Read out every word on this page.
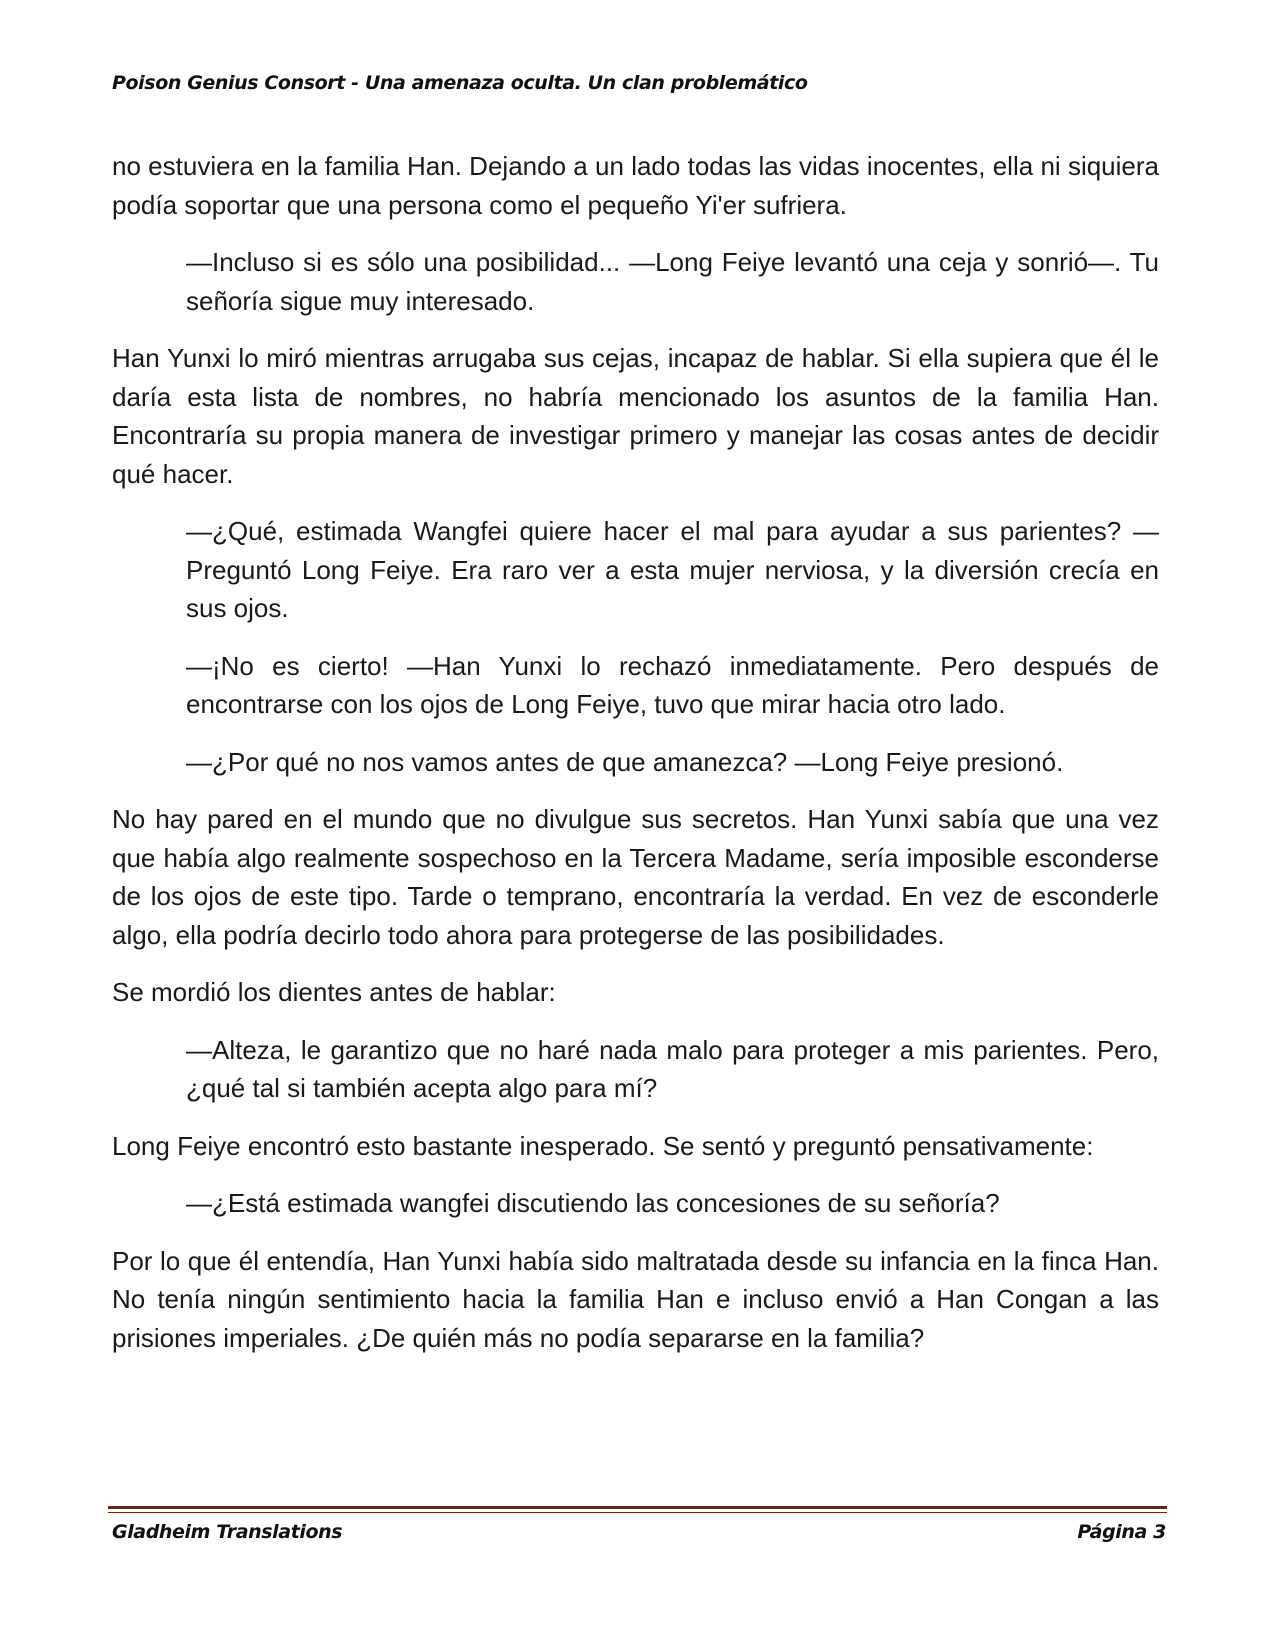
Poison Genius Consort - Una amenaza oculta. Un clan problemático

no estuviera en la familia Han. Dejando a un lado todas las vidas inocentes, ella ni siquiera podía soportar que una persona como el pequeño Yi'er sufriera.

—Incluso si es sólo una posibilidad... —Long Feiye levantó una ceja y sonrió—. Tu señoría sigue muy interesado.

Han Yunxi lo miró mientras arrugaba sus cejas, incapaz de hablar. Si ella supiera que él le daría esta lista de nombres, no habría mencionado los asuntos de la familia Han. Encontraría su propia manera de investigar primero y manejar las cosas antes de decidir qué hacer.

—¿Qué, estimada Wangfei quiere hacer el mal para ayudar a sus parientes? —Preguntó Long Feiye. Era raro ver a esta mujer nerviosa, y la diversión crecía en sus ojos.

—¡No es cierto! —Han Yunxi lo rechazó inmediatamente. Pero después de encontrarse con los ojos de Long Feiye, tuvo que mirar hacia otro lado.

—¿Por qué no nos vamos antes de que amanezca? —Long Feiye presionó.

No hay pared en el mundo que no divulgue sus secretos. Han Yunxi sabía que una vez que había algo realmente sospechoso en la Tercera Madame, sería imposible esconderse de los ojos de este tipo. Tarde o temprano, encontraría la verdad. En vez de esconderle algo, ella podría decirlo todo ahora para protegerse de las posibilidades.

Se mordió los dientes antes de hablar:

—Alteza, le garantizo que no haré nada malo para proteger a mis parientes. Pero, ¿qué tal si también acepta algo para mí?

Long Feiye encontró esto bastante inesperado. Se sentó y preguntó pensativamente:

—¿Está estimada wangfei discutiendo las concesiones de su señoría?

Por lo que él entendía, Han Yunxi había sido maltratada desde su infancia en la finca Han. No tenía ningún sentimiento hacia la familia Han e incluso envió a Han Congan a las prisiones imperiales. ¿De quién más no podía separarse en la familia?

Gladheim Translations	Página 3
